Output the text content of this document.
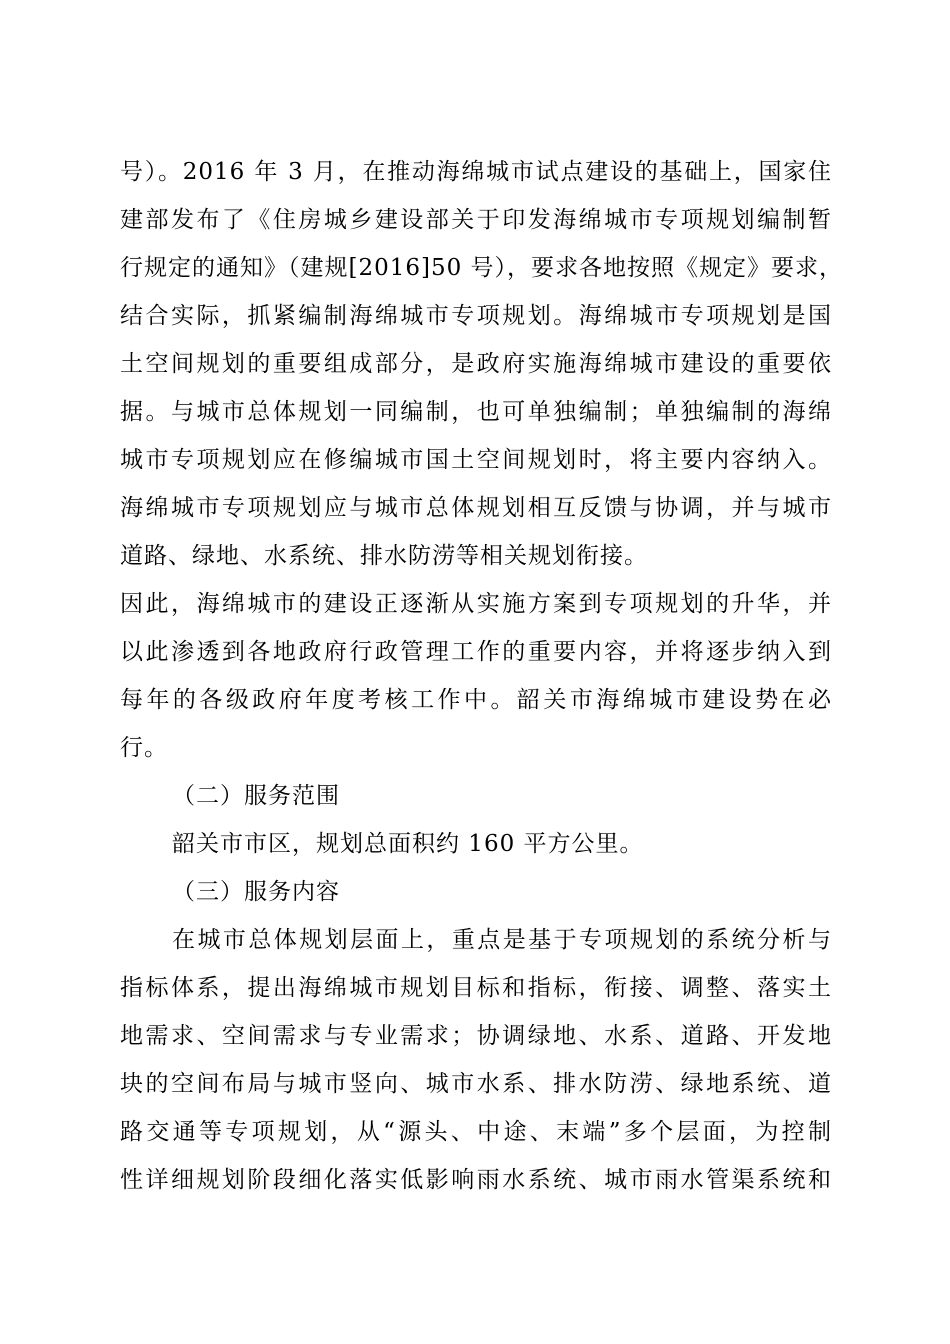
号）。2016 年 3 月，在推动海绵城市试点建设的基础上，国家住
建部发布了《住房城乡建设部关于印发海绵城市专项规划编制暂
行规定的通知》（建规[2016]50 号），要求各地按照《规定》要求，
结合实际，抓紧编制海绵城市专项规划。海绵城市专项规划是国
土空间规划的重要组成部分，是政府实施海绵城市建设的重要依
据。与城市总体规划一同编制，也可单独编制；单独编制的海绵
城市专项规划应在修编城市国土空间规划时，将主要内容纳入。
海绵城市专项规划应与城市总体规划相互反馈与协调，并与城市
道路、绿地、水系统、排水防涝等相关规划衔接。
因此，海绵城市的建设正逐渐从实施方案到专项规划的升华，并
以此渗透到各地政府行政管理工作的重要内容，并将逐步纳入到
每年的各级政府年度考核工作中。韶关市海绵城市建设势在必
行。
（二）服务范围
韶关市市区，规划总面积约 160 平方公里。
（三）服务内容
在城市总体规划层面上，重点是基于专项规划的系统分析与
指标体系，提出海绵城市规划目标和指标，衔接、调整、落实土
地需求、空间需求与专业需求；协调绿地、水系、道路、开发地
块的空间布局与城市竖向、城市水系、排水防涝、绿地系统、道
路交通等专项规划，从“源头、中途、末端”多个层面，为控制
性详细规划阶段细化落实低影响雨水系统、城市雨水管渠系统和
